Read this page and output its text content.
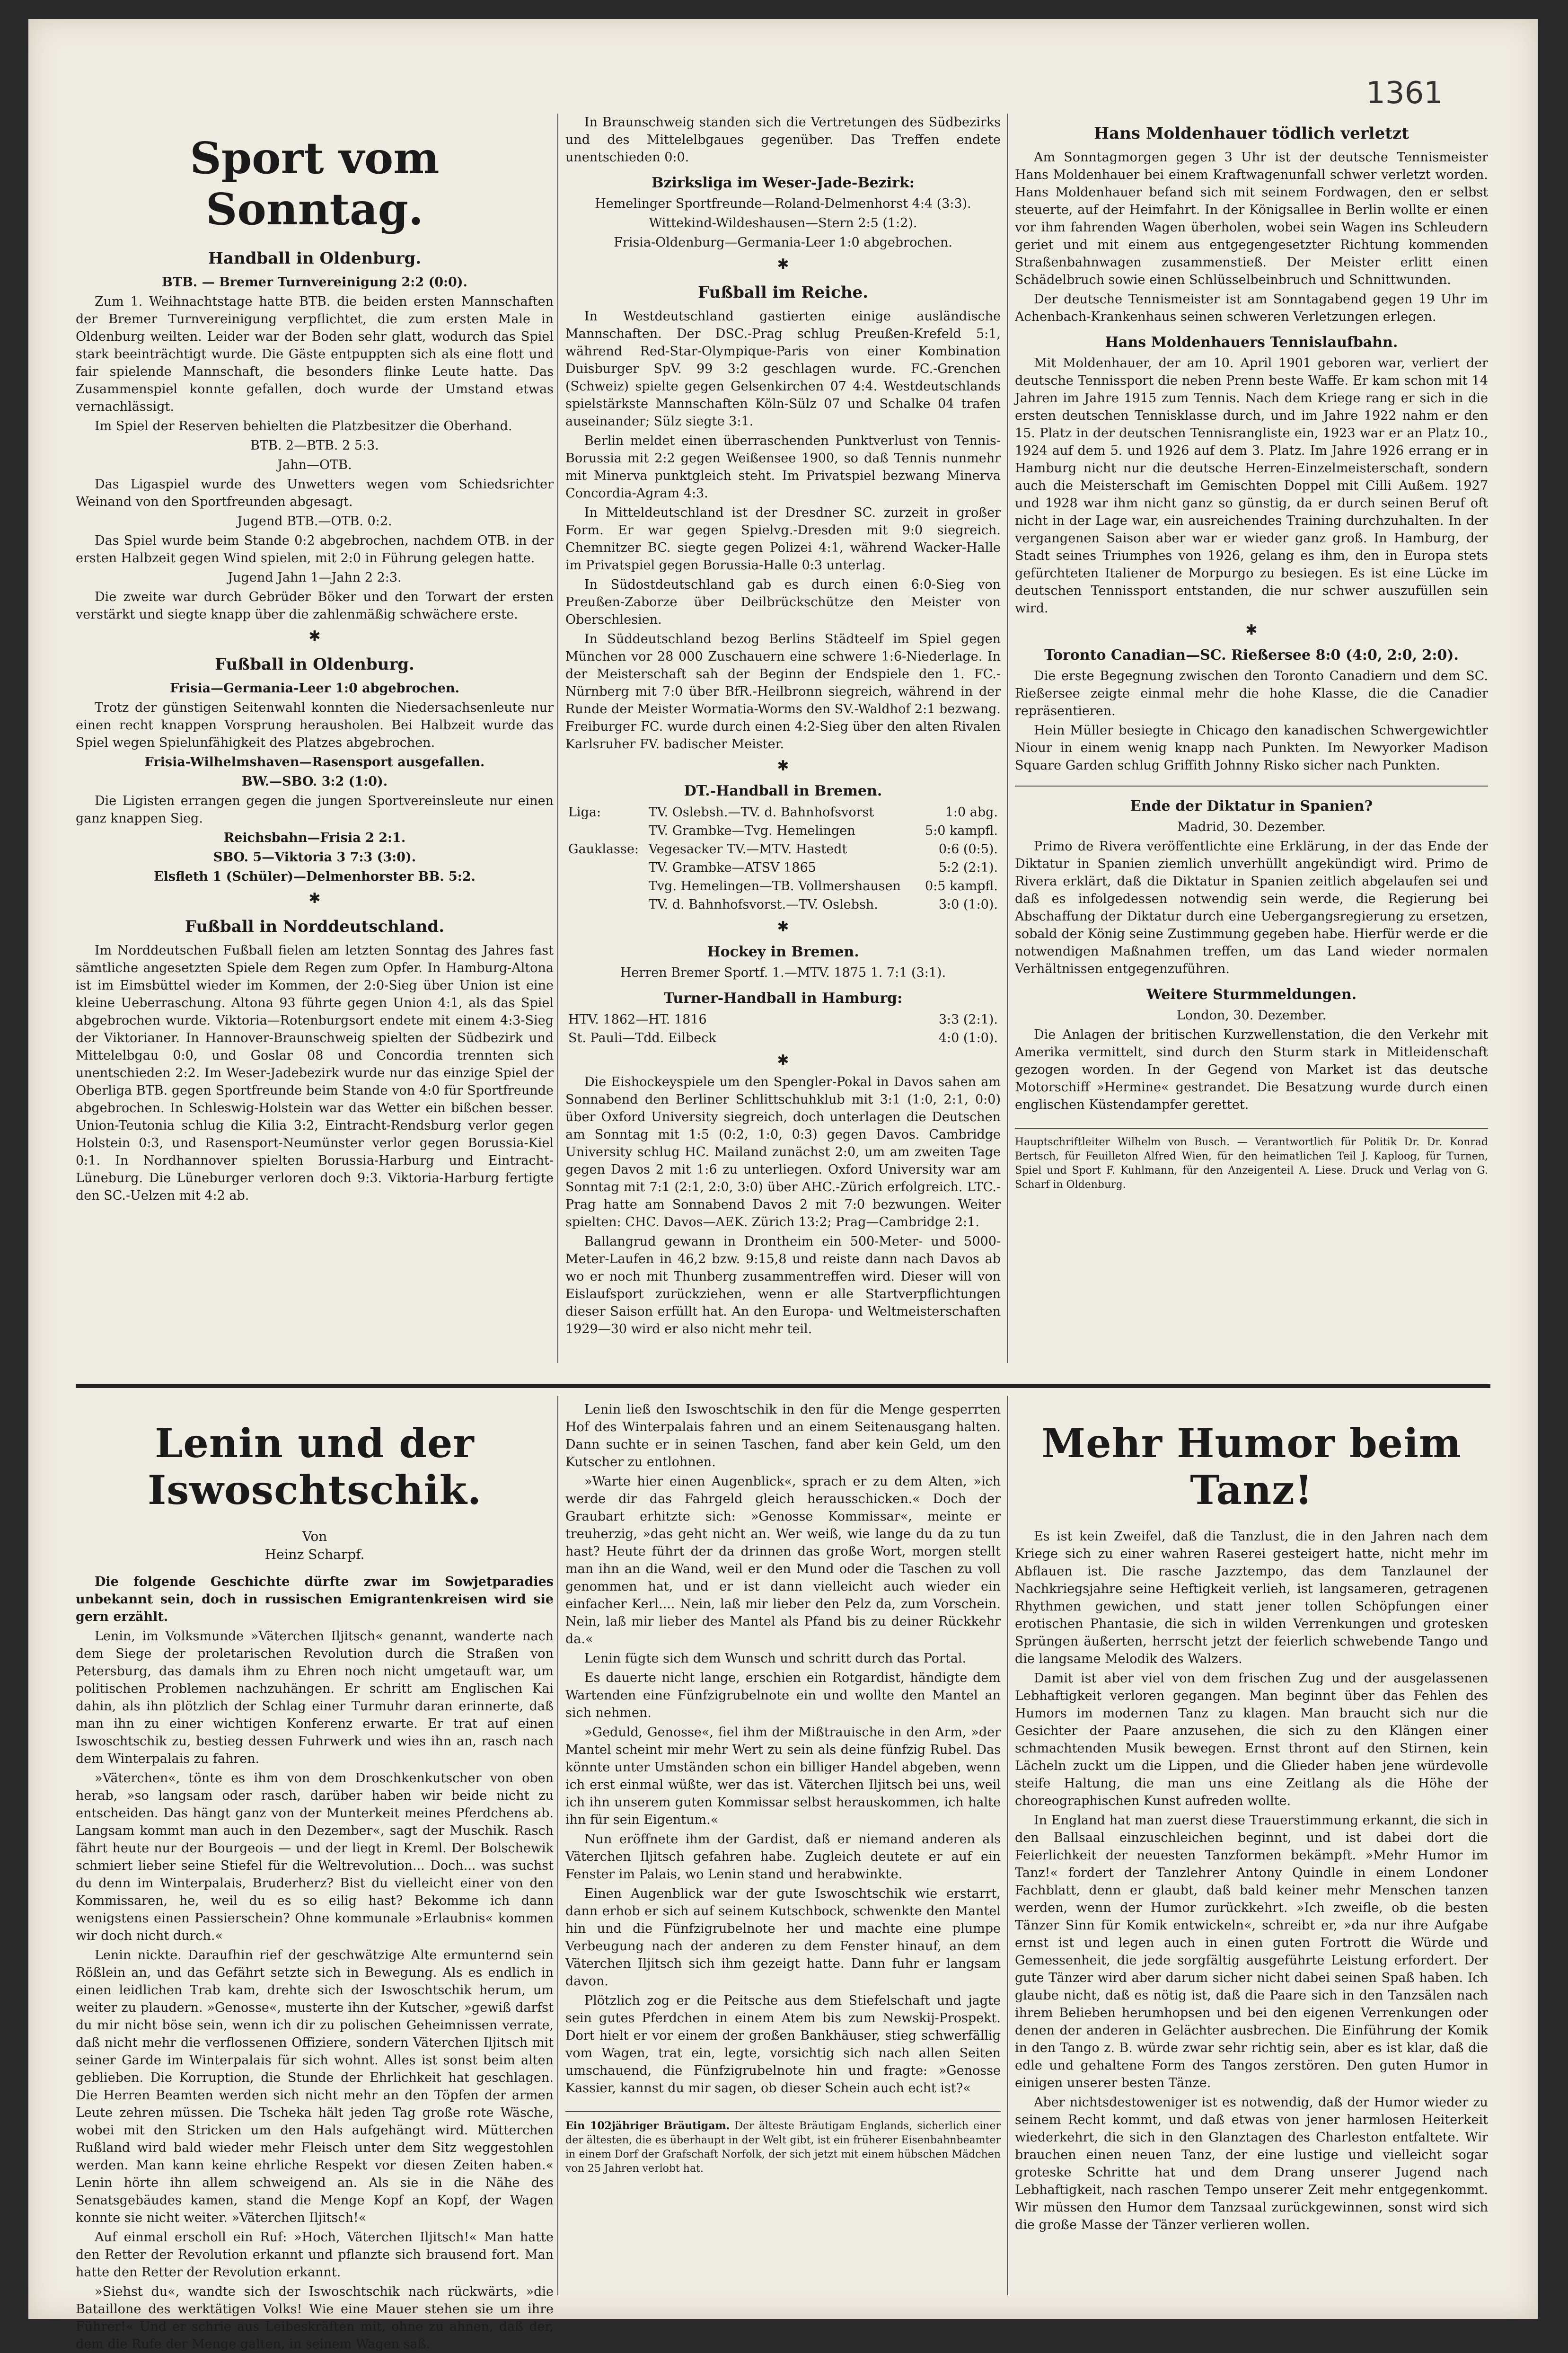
1361
Sport vom Sonntag.
Handball in Oldenburg.

BTB. — Bremer Turnvereinigung 2:2 (0:0).

Zum 1. Weihnachtstage hatte BTB. die beiden ersten Mannschaften der Bremer Turnvereinigung verpflichtet, die zum ersten Male in Oldenburg weilten. Leider war der Boden sehr glatt, wodurch das Spiel stark beeinträchtigt wurde. Die Gäste entpuppten sich als eine flott und fair spielende Mannschaft, die besonders flinke Leute hatte. Das Zusammenspiel konnte gefallen, doch wurde der Umstand etwas vernachlässigt.

Im Spiel der Reserven behielten die Platzbesitzer die Oberhand.

BTB. 2—BTB. 2 5:3.

Jahn—OTB.

Das Ligaspiel wurde des Unwetters wegen vom Schiedsrichter Weinand von den Sportfreunden abgesagt.

Jugend BTB.—OTB. 0:2.

Das Spiel wurde beim Stande 0:2 abgebrochen, nachdem OTB. in der ersten Halbzeit gegen Wind spielen, mit 2:0 in Führung gelegen hatte.

Jugend Jahn 1—Jahn 2 2:3.

Die zweite war durch Gebrüder Böker und den Torwart der ersten verstärkt und siegte knapp über die zahlenmäßig schwächere erste.

✱
Fußball in Oldenburg.

Frisia—Germania-Leer 1:0 abgebrochen.

Trotz der günstigen Seitenwahl konnten die Niedersachsenleute nur einen recht knappen Vorsprung herausholen. Bei Halbzeit wurde das Spiel wegen Spielunfähigkeit des Platzes abgebrochen.

Frisia-Wilhelmshaven—Rasensport ausgefallen.

BW.—SBO. 3:2 (1:0).

Die Ligisten errangen gegen die jungen Sportvereinsleute nur einen ganz knappen Sieg.

Reichsbahn—Frisia 2 2:1.

SBO. 5—Viktoria 3 7:3 (3:0).

Elsfleth 1 (Schüler)—Delmenhorster BB. 5:2.

✱
Fußball in Norddeutschland.

Im Norddeutschen Fußball fielen am letzten Sonntag des Jahres fast sämtliche angesetzten Spiele dem Regen zum Opfer. In Hamburg-Altona ist im Eimsbüttel wieder im Kommen, der 2:0-Sieg über Union ist eine kleine Ueberraschung. Altona 93 führte gegen Union 4:1, als das Spiel abgebrochen wurde. Viktoria—Rotenburgsort endete mit einem 4:3-Sieg der Viktorianer. In Hannover-Braunschweig spielten der Südbezirk und Mittelelbgau 0:0, und Goslar 08 und Concordia trennten sich unentschieden 2:2. Im Weser-Jadebezirk wurde nur das einzige Spiel der Oberliga BTB. gegen Sportfreunde beim Stande von 4:0 für Sportfreunde abgebrochen. In Schleswig-Holstein war das Wetter ein bißchen besser. Union-Teutonia schlug die Kilia 3:2, Eintracht-Rendsburg verlor gegen Holstein 0:3, und Rasensport-Neumünster verlor gegen Borussia-Kiel 0:1. In Nordhannover spielten Borussia-Harburg und Eintracht-Lüneburg. Die Lüneburger verloren doch 9:3. Viktoria-Harburg fertigte den SC.-Uelzen mit 4:2 ab.

In Braunschweig standen sich die Vertretungen des Südbezirks und des Mittelelbgaues gegenüber. Das Treffen endete unentschieden 0:0.

Bzirksliga im Weser-Jade-Bezirk:

Hemelinger Sportfreunde—Roland-Delmenhorst 4:4 (3:3).

Wittekind-Wildeshausen—Stern 2:5 (1:2).

Frisia-Oldenburg—Germania-Leer 1:0 abgebrochen.

✱
Fußball im Reiche.

In Westdeutschland gastierten einige ausländische Mannschaften. Der DSC.-Prag schlug Preußen-Krefeld 5:1, während Red-Star-Olympique-Paris von einer Kombination Duisburger SpV. 99 3:2 geschlagen wurde. FC.-Grenchen (Schweiz) spielte gegen Gelsenkirchen 07 4:4. Westdeutschlands spielstärkste Mannschaften Köln-Sülz 07 und Schalke 04 trafen auseinander; Sülz siegte 3:1.

Berlin meldet einen überraschenden Punktverlust von Tennis-Borussia mit 2:2 gegen Weißensee 1900, so daß Tennis nunmehr mit Minerva punktgleich steht. Im Privatspiel bezwang Minerva Concordia-Agram 4:3.

In Mitteldeutschland ist der Dresdner SC. zurzeit in großer Form. Er war gegen Spielvg.-Dresden mit 9:0 siegreich. Chemnitzer BC. siegte gegen Polizei 4:1, während Wacker-Halle im Privatspiel gegen Borussia-Halle 0:3 unterlag.

In Südostdeutschland gab es durch einen 6:0-Sieg von Preußen-Zaborze über Deilbrückschütze den Meister von Oberschlesien.

In Süddeutschland bezog Berlins Städteelf im Spiel gegen München vor 28 000 Zuschauern eine schwere 1:6-Niederlage. In der Meisterschaft sah der Beginn der Endspiele den 1. FC.-Nürnberg mit 7:0 über BfR.-Heilbronn siegreich, während in der Runde der Meister Wormatia-Worms den SV.-Waldhof 2:1 bezwang. Freiburger FC. wurde durch einen 4:2-Sieg über den alten Rivalen Karlsruher FV. badischer Meister.

✱
DT.-Handball in Bremen.
Liga:	TV. Oslebsh.—TV. d. Bahnhofsvorst	1:0 abg.
	TV. Grambke—Tvg. Hemelingen	5:0 kampfl.
Gauklasse:	Vegesacker TV.—MTV. Hastedt	0:6 (0:5).
	TV. Grambke—ATSV 1865	5:2 (2:1).
	Tvg. Hemelingen—TB. Vollmershausen	0:5 kampfl.
	TV. d. Bahnhofsvorst.—TV. Oslebsh.	3:0 (1:0).
✱
Hockey in Bremen.

Herren Bremer Sportf. 1.—MTV. 1875 1. 7:1 (3:1).

Turner-Handball in Hamburg:
HTV. 1862—HT. 1816	3:3 (2:1).
St. Pauli—Tdd. Eilbeck	4:0 (1:0).
✱

Die Eishockeyspiele um den Spengler-Pokal in Davos sahen am Sonnabend den Berliner Schlittschuhklub mit 3:1 (1:0, 2:1, 0:0) über Oxford University siegreich, doch unterlagen die Deutschen am Sonntag mit 1:5 (0:2, 1:0, 0:3) gegen Davos. Cambridge University schlug HC. Mailand zunächst 2:0, um am zweiten Tage gegen Davos 2 mit 1:6 zu unterliegen. Oxford University war am Sonntag mit 7:1 (2:1, 2:0, 3:0) über AHC.-Zürich erfolgreich. LTC.-Prag hatte am Sonnabend Davos 2 mit 7:0 bezwungen. Weiter spielten: CHC. Davos—AEK. Zürich 13:2; Prag—Cambridge 2:1.

Ballangrud gewann in Drontheim ein 500-Meter- und 5000-Meter-Laufen in 46,2 bzw. 9:15,8 und reiste dann nach Davos ab wo er noch mit Thunberg zusammentreffen wird. Dieser will von Eislaufsport zurückziehen, wenn er alle Startverpflichtungen dieser Saison erfüllt hat. An den Europa- und Weltmeisterschaften 1929—30 wird er also nicht mehr teil.

Hans Moldenhauer tödlich verletzt

Am Sonntagmorgen gegen 3 Uhr ist der deutsche Tennismeister Hans Moldenhauer bei einem Kraftwagenunfall schwer verletzt worden. Hans Moldenhauer befand sich mit seinem Fordwagen, den er selbst steuerte, auf der Heimfahrt. In der Königsallee in Berlin wollte er einen vor ihm fahrenden Wagen überholen, wobei sein Wagen ins Schleudern geriet und mit einem aus entgegengesetzter Richtung kommenden Straßenbahnwagen zusammenstieß. Der Meister erlitt einen Schädelbruch sowie einen Schlüsselbeinbruch und Schnittwunden.

Der deutsche Tennismeister ist am Sonntagabend gegen 19 Uhr im Achenbach-Krankenhaus seinen schweren Verletzungen erlegen.

Hans Moldenhauers Tennislaufbahn.

Mit Moldenhauer, der am 10. April 1901 geboren war, verliert der deutsche Tennissport die neben Prenn beste Waffe. Er kam schon mit 14 Jahren im Jahre 1915 zum Tennis. Nach dem Kriege rang er sich in die ersten deutschen Tennisklasse durch, und im Jahre 1922 nahm er den 15. Platz in der deutschen Tennisrangliste ein, 1923 war er an Platz 10., 1924 auf dem 5. und 1926 auf dem 3. Platz. Im Jahre 1926 errang er in Hamburg nicht nur die deutsche Herren-Einzelmeisterschaft, sondern auch die Meisterschaft im Gemischten Doppel mit Cilli Außem. 1927 und 1928 war ihm nicht ganz so günstig, da er durch seinen Beruf oft nicht in der Lage war, ein ausreichendes Training durchzuhalten. In der vergangenen Saison aber war er wieder ganz groß. In Hamburg, der Stadt seines Triumphes von 1926, gelang es ihm, den in Europa stets gefürchteten Italiener de Morpurgo zu besiegen. Es ist eine Lücke im deutschen Tennissport entstanden, die nur schwer auszufüllen sein wird.

✱
Toronto Canadian—SC. Rießersee 8:0 (4:0, 2:0, 2:0).

Die erste Begegnung zwischen den Toronto Canadiern und dem SC. Rießersee zeigte einmal mehr die hohe Klasse, die die Canadier repräsentieren.

Hein Müller besiegte in Chicago den kanadischen Schwergewichtler Niour in einem wenig knapp nach Punkten. Im Newyorker Madison Square Garden schlug Griffith Johnny Risko sicher nach Punkten.

Ende der Diktatur in Spanien?

Madrid, 30. Dezember.

Primo de Rivera veröffentlichte eine Erklärung, in der das Ende der Diktatur in Spanien ziemlich unverhüllt angekündigt wird. Primo de Rivera erklärt, daß die Diktatur in Spanien zeitlich abgelaufen sei und daß es infolgedessen notwendig sein werde, die Regierung bei Abschaffung der Diktatur durch eine Uebergangsregierung zu ersetzen, sobald der König seine Zustimmung gegeben habe. Hierfür werde er die notwendigen Maßnahmen treffen, um das Land wieder normalen Verhältnissen entgegenzuführen.

Weitere Sturmmeldungen.

London, 30. Dezember.

Die Anlagen der britischen Kurzwellenstation, die den Verkehr mit Amerika vermittelt, sind durch den Sturm stark in Mitleidenschaft gezogen worden. In der Gegend von Market ist das deutsche Motorschiff »Hermine« gestrandet. Die Besatzung wurde durch einen englischen Küstendampfer gerettet.

Hauptschriftleiter Wilhelm von Busch. — Verantwortlich für Politik Dr. Dr. Konrad Bertsch, für Feuilleton Alfred Wien, für den heimatlichen Teil J. Kaploog, für Turnen, Spiel und Sport F. Kuhlmann, für den Anzeigenteil A. Liese. Druck und Verlag von G. Scharf in Oldenburg.

Lenin und der Iswoschtschik.
Von
Heinz Scharpf.

Die folgende Geschichte dürfte zwar im Sowjetparadies unbekannt sein, doch in russischen Emigrantenkreisen wird sie gern erzählt.

Lenin, im Volksmunde »Väterchen Iljitsch« genannt, wanderte nach dem Siege der proletarischen Revolution durch die Straßen von Petersburg, das damals ihm zu Ehren noch nicht umgetauft war, um politischen Problemen nachzuhängen. Er schritt am Englischen Kai dahin, als ihn plötzlich der Schlag einer Turmuhr daran erinnerte, daß man ihn zu einer wichtigen Konferenz erwarte. Er trat auf einen Iswoschtschik zu, bestieg dessen Fuhrwerk und wies ihn an, rasch nach dem Winterpalais zu fahren.

»Väterchen«, tönte es ihm von dem Droschkenkutscher von oben herab, »so langsam oder rasch, darüber haben wir beide nicht zu entscheiden. Das hängt ganz von der Munterkeit meines Pferdchens ab. Langsam kommt man auch in den Dezember«, sagt der Muschik. Rasch fährt heute nur der Bourgeois — und der liegt in Kreml. Der Bolschewik schmiert lieber seine Stiefel für die Weltrevolution... Doch... was suchst du denn im Winterpalais, Bruderherz? Bist du vielleicht einer von den Kommissaren, he, weil du es so eilig hast? Bekomme ich dann wenigstens einen Passierschein? Ohne kommunale »Erlaubnis« kommen wir doch nicht durch.«

Lenin nickte. Daraufhin rief der geschwätzige Alte ermunternd sein Rößlein an, und das Gefährt setzte sich in Bewegung. Als es endlich in einen leidlichen Trab kam, drehte sich der Iswoschtschik herum, um weiter zu plaudern. »Genosse«, musterte ihn der Kutscher, »gewiß darfst du mir nicht böse sein, wenn ich dir zu polischen Geheimnissen verrate, daß nicht mehr die verflossenen Offiziere, sondern Väterchen Iljitsch mit seiner Garde im Winterpalais für sich wohnt. Alles ist sonst beim alten geblieben. Die Korruption, die Stunde der Ehrlichkeit hat geschlagen. Die Herren Beamten werden sich nicht mehr an den Töpfen der armen Leute zehren müssen. Die Tscheka hält jeden Tag große rote Wäsche, wobei mit den Stricken um den Hals aufgehängt wird. Mütterchen Rußland wird bald wieder mehr Fleisch unter dem Sitz weggestohlen werden. Man kann keine ehrliche Respekt vor diesen Zeiten haben.« Lenin hörte ihn allem schweigend an. Als sie in die Nähe des Senatsgebäudes kamen, stand die Menge Kopf an Kopf, der Wagen konnte sie nicht weiter. »Väterchen Iljitsch!«

Auf einmal erscholl ein Ruf: »Hoch, Väterchen Iljitsch!« Man hatte den Retter der Revolution erkannt und pflanzte sich brausend fort. Man hatte den Retter der Revolution erkannt.

»Siehst du«, wandte sich der Iswoschtschik nach rückwärts, »die Bataillone des werktätigen Volks! Wie eine Mauer stehen sie um ihre Führer!« Und er schrie aus Leibeskräften mit, ohne zu ahnen, daß der, dem die Rufe der Menge galten, in seinem Wagen saß.

Lenin ließ den Iswoschtschik in den für die Menge gesperrten Hof des Winterpalais fahren und an einem Seitenausgang halten. Dann suchte er in seinen Taschen, fand aber kein Geld, um den Kutscher zu entlohnen.

»Warte hier einen Augenblick«, sprach er zu dem Alten, »ich werde dir das Fahrgeld gleich herausschicken.« Doch der Graubart erhitzte sich: »Genosse Kommissar«, meinte er treuherzig, »das geht nicht an. Wer weiß, wie lange du da zu tun hast? Heute führt der da drinnen das große Wort, morgen stellt man ihn an die Wand, weil er den Mund oder die Taschen zu voll genommen hat, und er ist dann vielleicht auch wieder ein einfacher Kerl.... Nein, laß mir lieber den Pelz da, zum Vorschein. Nein, laß mir lieber des Mantel als Pfand bis zu deiner Rückkehr da.«

Lenin fügte sich dem Wunsch und schritt durch das Portal.

Es dauerte nicht lange, erschien ein Rotgardist, händigte dem Wartenden eine Fünfzigrubelnote ein und wollte den Mantel an sich nehmen.

»Geduld, Genosse«, fiel ihm der Mißtrauische in den Arm, »der Mantel scheint mir mehr Wert zu sein als deine fünfzig Rubel. Das könnte unter Umständen schon ein billiger Handel abgeben, wenn ich erst einmal wüßte, wer das ist. Väterchen Iljitsch bei uns, weil ich ihn unserem guten Kommissar selbst herauskommen, ich halte ihn für sein Eigentum.«

Nun eröffnete ihm der Gardist, daß er niemand anderen als Väterchen Iljitsch gefahren habe. Zugleich deutete er auf ein Fenster im Palais, wo Lenin stand und herabwinkte.

Einen Augenblick war der gute Iswoschtschik wie erstarrt, dann erhob er sich auf seinem Kutschbock, schwenkte den Mantel hin und die Fünfzigrubelnote her und machte eine plumpe Verbeugung nach der anderen zu dem Fenster hinauf, an dem Väterchen Iljitsch sich ihm gezeigt hatte. Dann fuhr er langsam davon.

Plötzlich zog er die Peitsche aus dem Stiefelschaft und jagte sein gutes Pferdchen in einem Atem bis zum Newskij-Prospekt. Dort hielt er vor einem der großen Bankhäuser, stieg schwerfällig vom Wagen, trat ein, legte, vorsichtig sich nach allen Seiten umschauend, die Fünfzigrubelnote hin und fragte: »Genosse Kassier, kannst du mir sagen, ob dieser Schein auch echt ist?«

Ein 102jähriger Bräutigam. Der älteste Bräutigam Englands, sicherlich einer der ältesten, die es überhaupt in der Welt gibt, ist ein früherer Eisenbahnbeamter in einem Dorf der Grafschaft Norfolk, der sich jetzt mit einem hübschen Mädchen von 25 Jahren verlobt hat.

Mehr Humor beim Tanz!

Es ist kein Zweifel, daß die Tanzlust, die in den Jahren nach dem Kriege sich zu einer wahren Raserei gesteigert hatte, nicht mehr im Abflauen ist. Die rasche Jazztempo, das dem Tanzlaunel der Nachkriegsjahre seine Heftigkeit verlieh, ist langsameren, getragenen Rhythmen gewichen, und statt jener tollen Schöpfungen einer erotischen Phantasie, die sich in wilden Verrenkungen und grotesken Sprüngen äußerten, herrscht jetzt der feierlich schwebende Tango und die langsame Melodik des Walzers.

Damit ist aber viel von dem frischen Zug und der ausgelassenen Lebhaftigkeit verloren gegangen. Man beginnt über das Fehlen des Humors im modernen Tanz zu klagen. Man braucht sich nur die Gesichter der Paare anzusehen, die sich zu den Klängen einer schmachtenden Musik bewegen. Ernst thront auf den Stirnen, kein Lächeln zuckt um die Lippen, und die Glieder haben jene würdevolle steife Haltung, die man uns eine Zeitlang als die Höhe der choreographischen Kunst aufreden wollte.

In England hat man zuerst diese Trauerstimmung erkannt, die sich in den Ballsaal einzuschleichen beginnt, und ist dabei dort die Feierlichkeit der neuesten Tanzformen bekämpft. »Mehr Humor im Tanz!« fordert der Tanzlehrer Antony Quindle in einem Londoner Fachblatt, denn er glaubt, daß bald keiner mehr Menschen tanzen werden, wenn der Humor zurückkehrt. »Ich zweifle, ob die besten Tänzer Sinn für Komik entwickeln«, schreibt er, »da nur ihre Aufgabe ernst ist und legen auch in einen guten Fortrott die Würde und Gemessenheit, die jede sorgfältig ausgeführte Leistung erfordert. Der gute Tänzer wird aber darum sicher nicht dabei seinen Spaß haben. Ich glaube nicht, daß es nötig ist, daß die Paare sich in den Tanzsälen nach ihrem Belieben herumhopsen und bei den eigenen Verrenkungen oder denen der anderen in Gelächter ausbrechen. Die Einführung der Komik in den Tango z. B. würde zwar sehr richtig sein, aber es ist klar, daß die edle und gehaltene Form des Tangos zerstören. Den guten Humor in einigen unserer besten Tänze.

Aber nichtsdestoweniger ist es notwendig, daß der Humor wieder zu seinem Recht kommt, und daß etwas von jener harmlosen Heiterkeit wiederkehrt, die sich in den Glanztagen des Charleston entfaltete. Wir brauchen einen neuen Tanz, der eine lustige und vielleicht sogar groteske Schritte hat und dem Drang unserer Jugend nach Lebhaftigkeit, nach raschen Tempo unserer Zeit mehr entgegenkommt. Wir müssen den Humor dem Tanzsaal zurückgewinnen, sonst wird sich die große Masse der Tänzer verlieren wollen.
